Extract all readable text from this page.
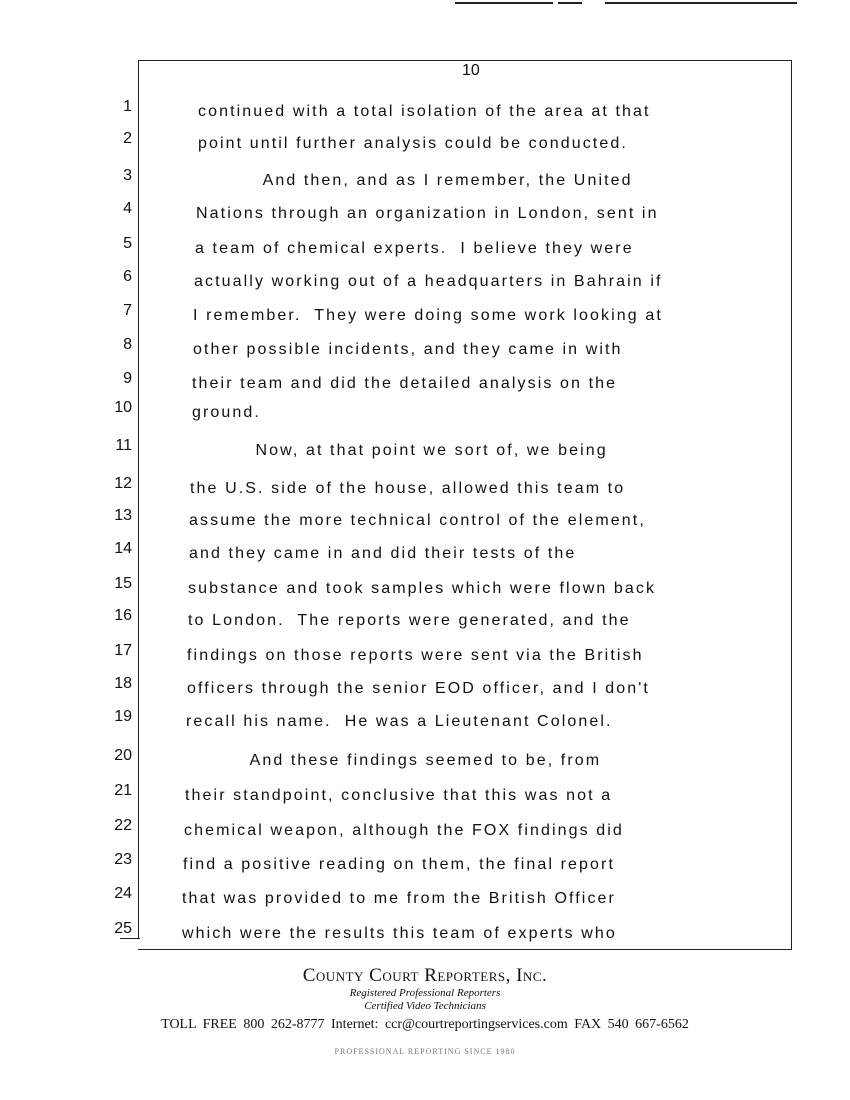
10
1	continued with a total isolation of the area at that
2	point until further analysis could be conducted.
3	And then, and as I remember, the United
4	Nations through an organization in London, sent in
5	a team of chemical experts.  I believe they were
6	actually working out of a headquarters in Bahrain if
7	I remember.  They were doing some work looking at
8	other possible incidents, and they came in with
9	their team and did the detailed analysis on the
10	ground.
11	Now, at that point we sort of, we being
12	the U.S. side of the house, allowed this team to
13	assume the more technical control of the element,
14	and they came in and did their tests of the
15	substance and took samples which were flown back
16	to London.  The reports were generated, and the
17	findings on those reports were sent via the British
18	officers through the senior EOD officer, and I don't
19	recall his name.  He was a Lieutenant Colonel.
20	And these findings seemed to be, from
21	their standpoint, conclusive that this was not a
22	chemical weapon, although the FOX findings did
23	find a positive reading on them, the final report
24	that was provided to me from the British Officer
25	which were the results this team of experts who
County Court Reporters, Inc.
Registered Professional Reporters
Certified Video Technicians
TOLL FREE 800 262-8777 Internet: ccr@courtreportingservices.com FAX 540 667-6562
PROFESSIONAL REPORTING SINCE 1980
